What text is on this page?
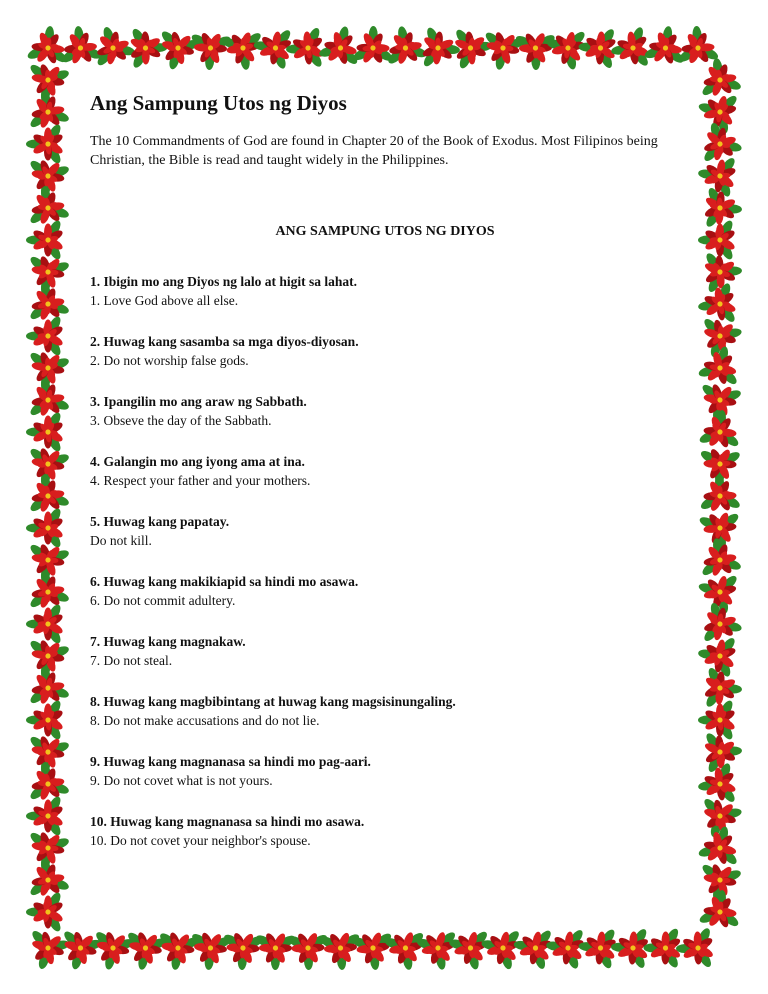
Ang Sampung Utos ng Diyos

The 10 Commandments of God are found in Chapter 20 of the Book of Exodus. Most Filipinos being Christian, the Bible is read and taught widely in the Philippines.

ANG SAMPUNG UTOS NG DIYOS
1. Ibigin mo ang Diyos ng lalo at higit sa lahat.
1. Love God above all else.
2. Huwag kang sasamba sa mga diyos-diyosan.
2. Do not worship false gods.
3. Ipangilin mo ang araw ng Sabbath.
3. Obseve the day of the Sabbath.
4. Galangin mo ang iyong ama at ina.
4. Respect your father and your mothers.
5. Huwag kang papatay.
Do not kill.
6. Huwag kang makikiapid sa hindi mo asawa.
6. Do not commit adultery.
7. Huwag kang magnakaw.
7. Do not steal.
8. Huwag kang magbibintang at huwag kang magsisinungaling.
8. Do not make accusations and do not lie.
9. Huwag kang magnanasa sa hindi mo pag-aari.
9. Do not covet what is not yours.
10. Huwag kang magnanasa sa hindi mo asawa.
10. Do not covet your neighbor's spouse.
